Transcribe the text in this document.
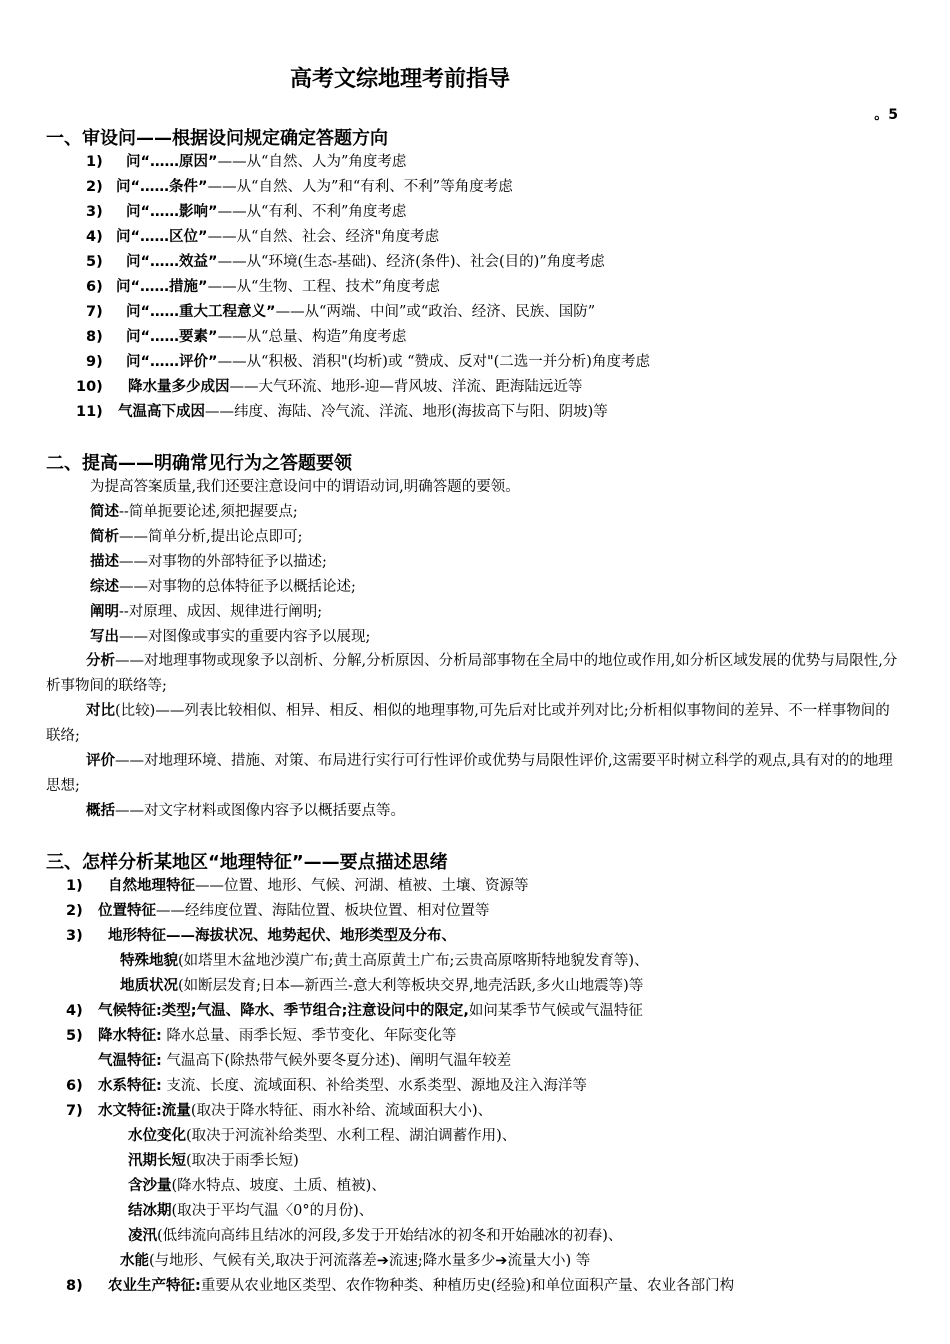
高考文综地理考前指导
。5
一、审设问——根据设问规定确定答题方向
1) 问“……原因”——从“自然、人为”角度考虑
2) 问“……条件”——从“自然、人为”和“有利、不利”等角度考虑
3) 问“……影响”——从“有利、不利”角度考虑
4) 问“……区位”——从“自然、社会、经济"角度考虑
5) 问“……效益”——从“环境(生态-基础)、经济(条件)、社会(目的)”角度考虑
6) 问“……措施”——从“生物、工程、技术”角度考虑
7) 问“……重大工程意义”——从“两端、中间”或“政治、经济、民族、国防”
8) 问“……要素”——从“总量、构造”角度考虑
9) 问“……评价”——从“积极、消积"(均析)或 “赞成、反对"(二选一并分析)角度考虑
10) 降水量多少成因——大气环流、地形-迎—背风坡、洋流、距海陆远近等
11) 气温高下成因——纬度、海陆、冷气流、洋流、地形(海拔高下与阳、阴坡)等
二、提高——明确常见行为之答题要领
为提高答案质量,我们还要注意设问中的谓语动词,明确答题的要领。
简述--简单扼要论述,须把握要点;
简析——简单分析,提出论点即可;
描述——对事物的外部特征予以描述;
综述——对事物的总体特征予以概括论述;
阐明--对原理、成因、规律进行阐明;
写出——对图像或事实的重要内容予以展现;
分析——对地理事物或现象予以剖析、分解,分析原因、分析局部事物在全局中的地位或作用,如分析区域发展的优势与局限性,分析事物间的联络等;
对比(比较)——列表比较相似、相异、相反、相似的地理事物,可先后对比或并列对比;分析相似事物间的差异、不一样事物间的联络;
评价——对地理环境、措施、对策、布局进行实行可行性评价或优势与局限性评价,这需要平时树立科学的观点,具有对的的地理思想;
概括——对文字材料或图像内容予以概括要点等。
三、怎样分析某地区“地理特征”——要点描述思绪
1) 自然地理特征——位置、地形、气候、河湖、植被、土壤、资源等
2) 位置特征——经纬度位置、海陆位置、板块位置、相对位置等
3) 地形特征——海拔状况、地势起伏、地形类型及分布、
特殊地貌(如塔里木盆地沙漠广布;黄土高原黄土广布;云贵高原喀斯特地貌发育等)、
地质状况(如断层发育;日本—新西兰-意大利等板块交界,地壳活跃,多火山地震等)等
4) 气候特征:类型;气温、降水、季节组合;注意设问中的限定,如问某季节气候或气温特征
5) 降水特征: 降水总量、雨季长短、季节变化、年际变化等
气温特征: 气温高下(除热带气候外要冬夏分述)、阐明气温年较差
6) 水系特征: 支流、长度、流域面积、补给类型、水系类型、源地及注入海洋等
7) 水文特征:流量(取决于降水特征、雨水补给、流域面积大小)、
水位变化(取决于河流补给类型、水利工程、湖泊调蓄作用)、
汛期长短(取决于雨季长短)
含沙量(降水特点、坡度、土质、植被)、
结冰期(取决于平均气温〈0°的月份)、
凌汛(低纬流向高纬且结冰的河段,多发于开始结冰的初冬和开始融冰的初春)、
水能(与地形、气候有关,取决于河流落差➔流速;降水量多少➔流量大小) 等
8) 农业生产特征:重要从农业地区类型、农作物种类、种植历史(经验)和单位面积产量、农业各部门构
